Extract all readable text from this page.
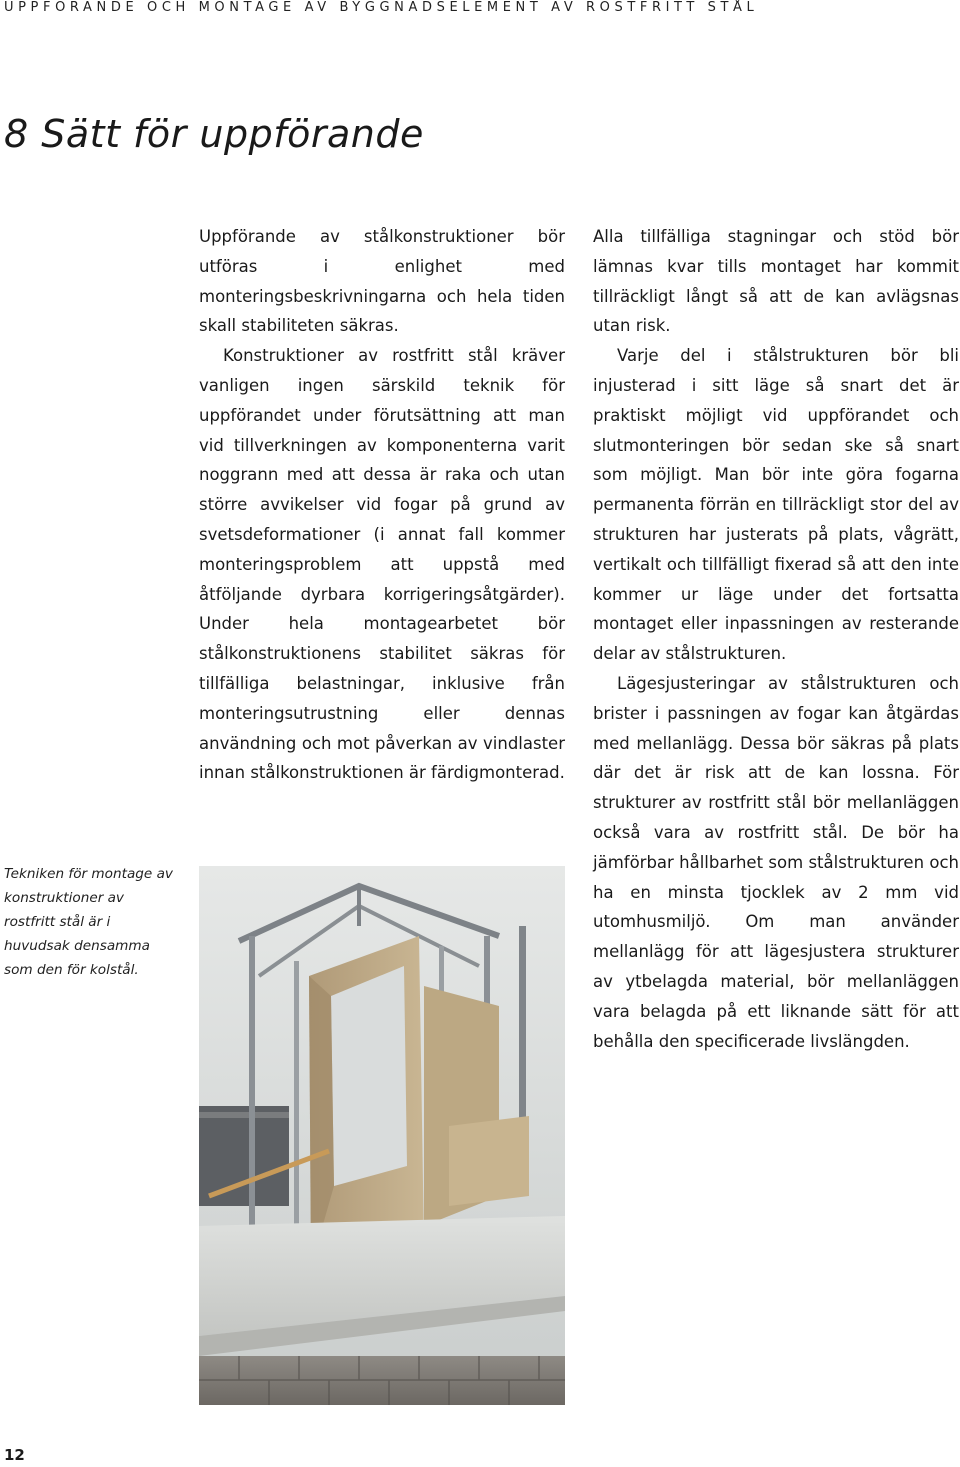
UPPFÖRANDE OCH MONTAGE AV BYGGNADSELEMENT AV ROSTFRITT STÅL
8 Sätt för uppförande

Uppförande av stålkonstruktioner bör utföras i enlighet med monteringsbeskrivningarna och hela tiden skall stabiliteten säkras.

Konstruktioner av rostfritt stål kräver vanligen ingen särskild teknik för uppförandet under förutsättning att man vid tillverkningen av komponenterna varit noggrann med att dessa är raka och utan större avvikelser vid fogar på grund av svetsdeformationer (i annat fall kommer monteringsproblem att uppstå med åtföljande dyrbara korrigeringsåtgärder). Under hela montagearbetet bör stålkonstruktionens stabilitet säkras för tillfälliga belastningar, inklusive från monteringsutrustning eller dennas användning och mot påverkan av vindlaster innan stålkonstruktionen är färdigmonterad.

Alla tillfälliga stagningar och stöd bör lämnas kvar tills montaget har kommit tillräckligt långt så att de kan avlägsnas utan risk.

Varje del i stålstrukturen bör bli injusterad i sitt läge så snart det är praktiskt möjligt vid uppförandet och slutmonteringen bör sedan ske så snart som möjligt. Man bör inte göra fogarna permanenta förrän en tillräckligt stor del av strukturen har justerats på plats, vågrätt, vertikalt och tillfälligt fixerad så att den inte kommer ur läge under det fortsatta montaget eller inpassningen av resterande delar av stålstrukturen.

Lägesjusteringar av stålstrukturen och brister i passningen av fogar kan åtgärdas med mellanlägg. Dessa bör säkras på plats där det är risk att de kan lossna. För strukturer av rostfritt stål bör mellanläggen också vara av rostfritt stål. De bör ha jämförbar hållbarhet som stålstrukturen och ha en minsta tjocklek av 2 mm vid utomhusmiljö. Om man använder mellanlägg för att lägesjustera strukturer av ytbelagda material, bör mellanläggen vara belagda på ett liknande sätt för att behålla den specificerade livslängden.

Tekniken för montage av konstruktioner av rostfritt stål är i huvudsak densamma som den för kolstål.
12
